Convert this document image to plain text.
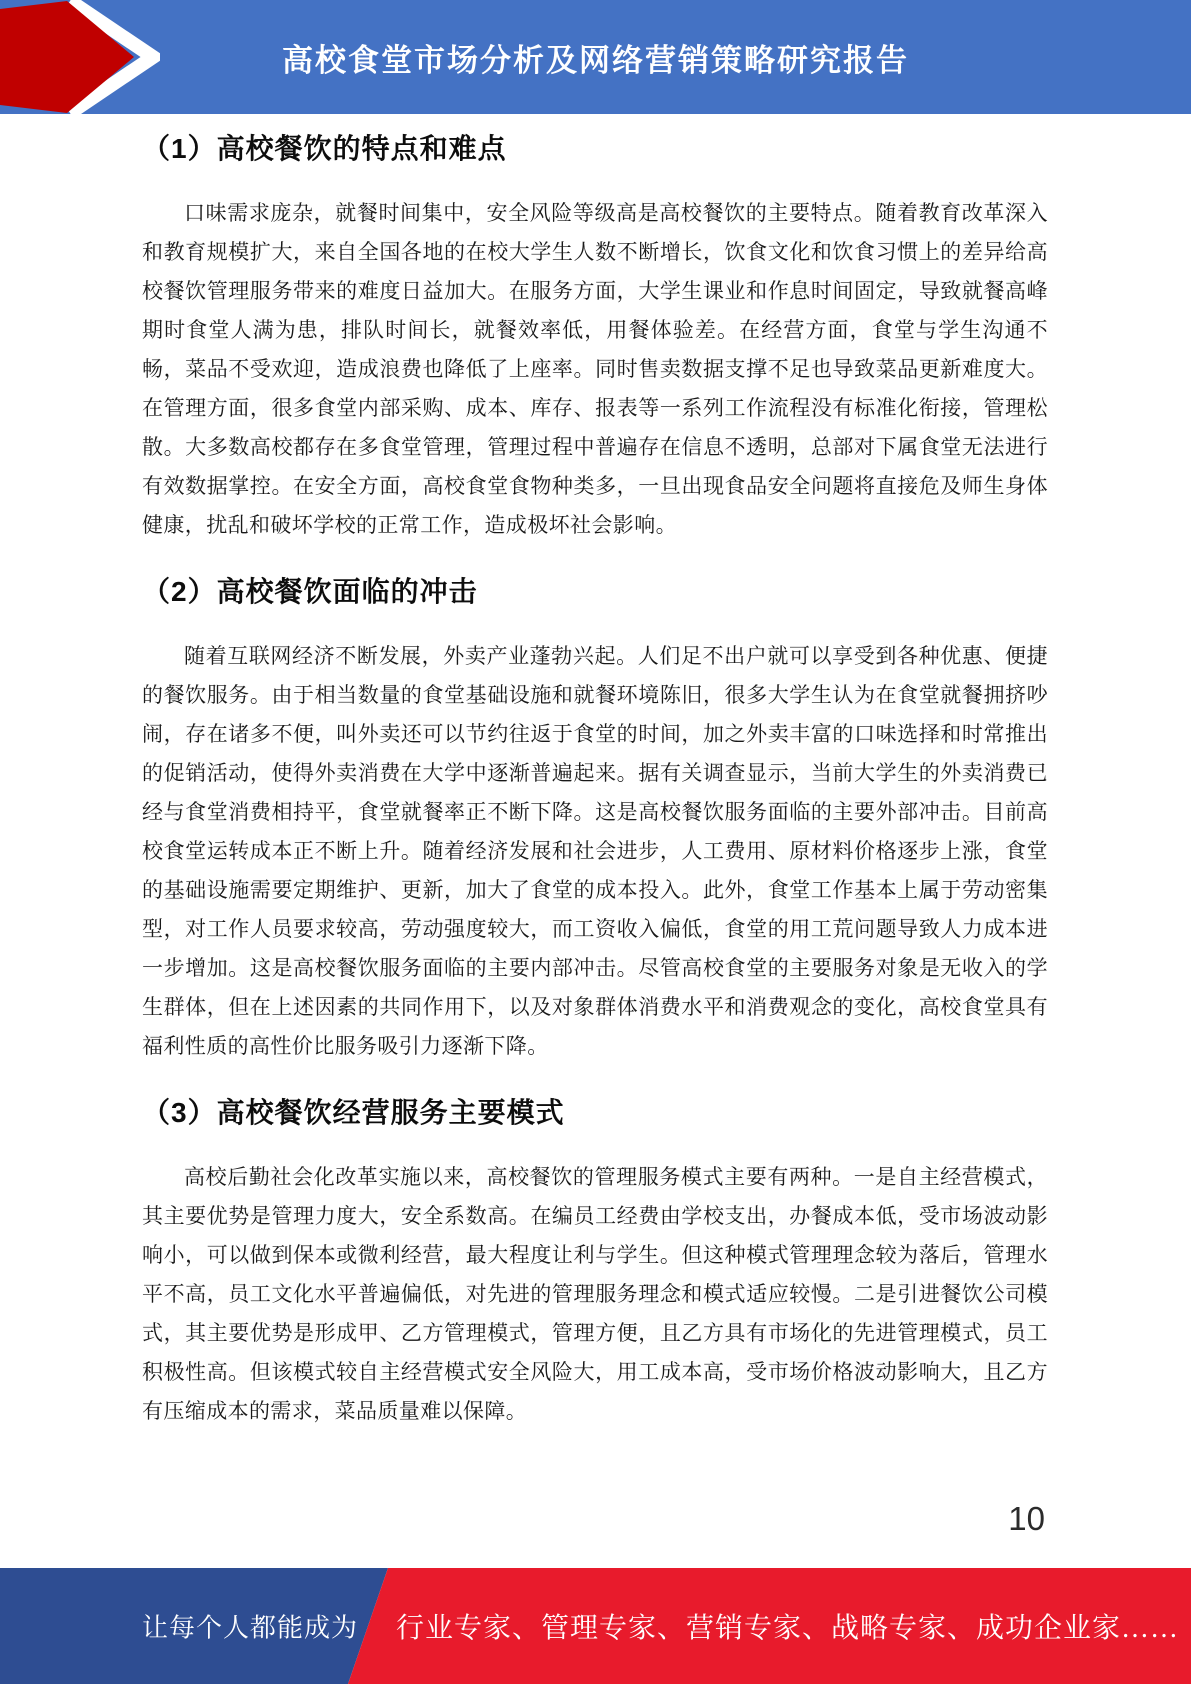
高校食堂市场分析及网络营销策略研究报告
（1）高校餐饮的特点和难点

口味需求庞杂，就餐时间集中，安全风险等级高是高校餐饮的主要特点。随着教育改革深入和教育规模扩大，来自全国各地的在校大学生人数不断增长，饮食文化和饮食习惯上的差异给高校餐饮管理服务带来的难度日益加大。在服务方面，大学生课业和作息时间固定，导致就餐高峰期时食堂人满为患，排队时间长，就餐效率低，用餐体验差。在经营方面，食堂与学生沟通不畅，菜品不受欢迎，造成浪费也降低了上座率。同时售卖数据支撑不足也导致菜品更新难度大。在管理方面，很多食堂内部采购、成本、库存、报表等一系列工作流程没有标准化衔接，管理松散。大多数高校都存在多食堂管理，管理过程中普遍存在信息不透明，总部对下属食堂无法进行有效数据掌控。在安全方面，高校食堂食物种类多，一旦出现食品安全问题将直接危及师生身体健康，扰乱和破坏学校的正常工作，造成极坏社会影响。

（2）高校餐饮面临的冲击

随着互联网经济不断发展，外卖产业蓬勃兴起。人们足不出户就可以享受到各种优惠、便捷的餐饮服务。由于相当数量的食堂基础设施和就餐环境陈旧，很多大学生认为在食堂就餐拥挤吵闹，存在诸多不便，叫外卖还可以节约往返于食堂的时间，加之外卖丰富的口味选择和时常推出的促销活动，使得外卖消费在大学中逐渐普遍起来。据有关调查显示，当前大学生的外卖消费已经与食堂消费相持平，食堂就餐率正不断下降。这是高校餐饮服务面临的主要外部冲击。目前高校食堂运转成本正不断上升。随着经济发展和社会进步，人工费用、原材料价格逐步上涨，食堂的基础设施需要定期维护、更新，加大了食堂的成本投入。此外，食堂工作基本上属于劳动密集型，对工作人员要求较高，劳动强度较大，而工资收入偏低，食堂的用工荒问题导致人力成本进一步增加。这是高校餐饮服务面临的主要内部冲击。尽管高校食堂的主要服务对象是无收入的学生群体，但在上述因素的共同作用下，以及对象群体消费水平和消费观念的变化，高校食堂具有福利性质的高性价比服务吸引力逐渐下降。

（3）高校餐饮经营服务主要模式

高校后勤社会化改革实施以来，高校餐饮的管理服务模式主要有两种。一是自主经营模式，其主要优势是管理力度大，安全系数高。在编员工经费由学校支出，办餐成本低，受市场波动影响小，可以做到保本或微利经营，最大程度让利与学生。但这种模式管理理念较为落后，管理水平不高，员工文化水平普遍偏低，对先进的管理服务理念和模式适应较慢。二是引进餐饮公司模式，其主要优势是形成甲、乙方管理模式，管理方便，且乙方具有市场化的先进管理模式，员工积极性高。但该模式较自主经营模式安全风险大，用工成本高，受市场价格波动影响大，且乙方有压缩成本的需求，菜品质量难以保障。

10
让每个人都能成为 行业专家、管理专家、营销专家、战略专家、成功企业家……
